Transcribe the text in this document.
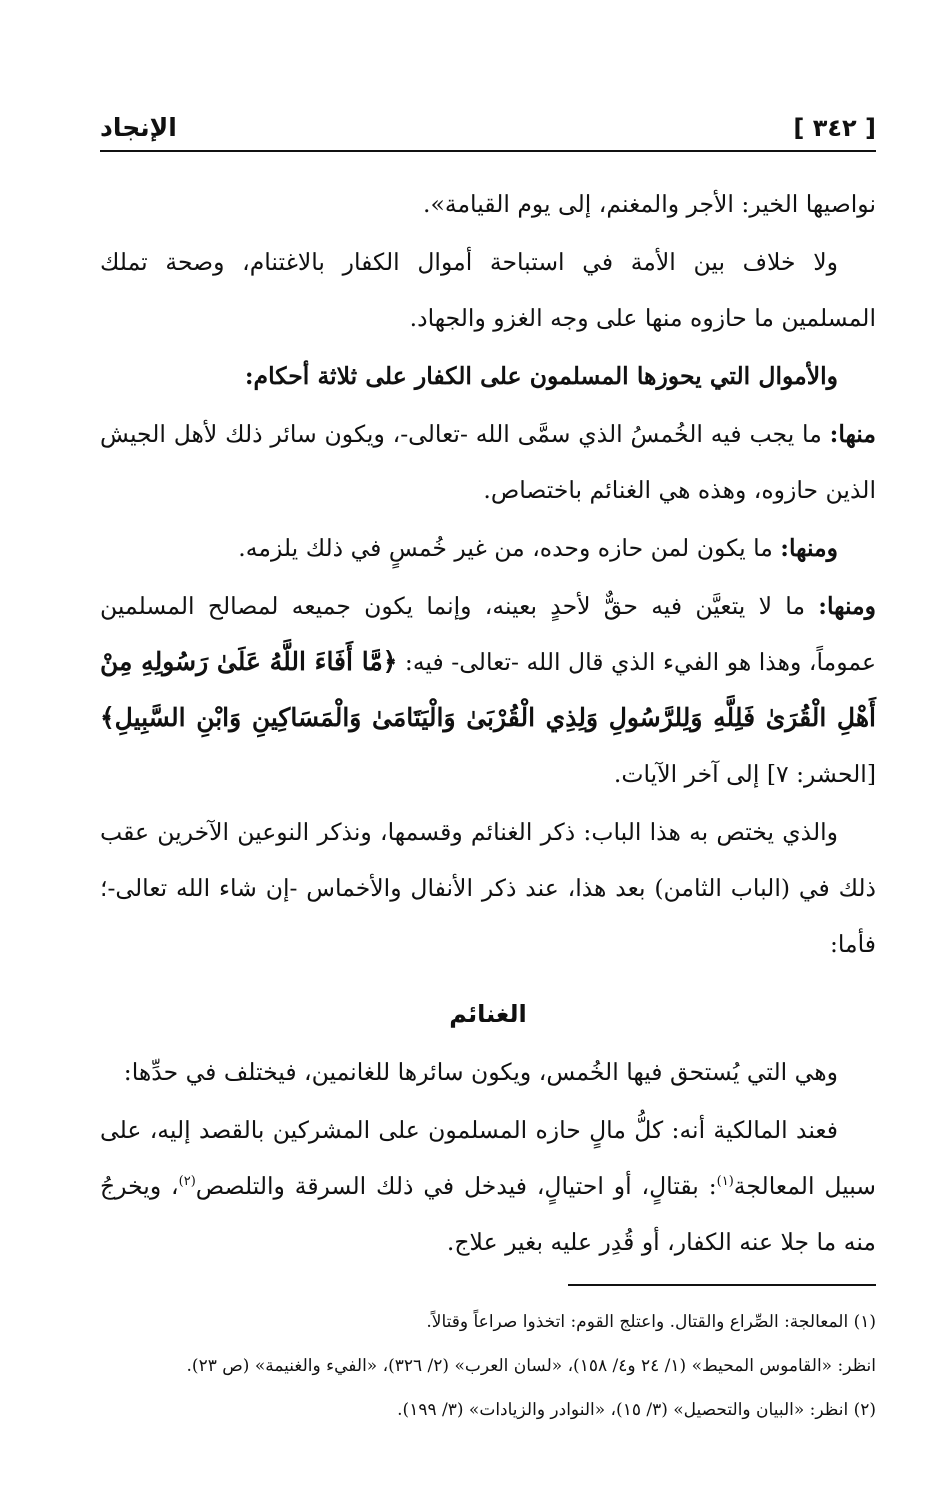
[ ٣٤٢ ]
الإنجاد

نواصيها الخير: الأجر والمغنم، إلى يوم القيامة».

ولا خلاف بين الأمة في استباحة أموال الكفار بالاغتنام، وصحة تملك المسلمين ما حازوه منها على وجه الغزو والجهاد.

والأموال التي يحوزها المسلمون على الكفار على ثلاثة أحكام:

منها: ما يجب فيه الخُمسُ الذي سمَّى الله -تعالى-، ويكون سائر ذلك لأهل الجيش الذين حازوه، وهذه هي الغنائم باختصاص.

ومنها: ما يكون لمن حازه وحده، من غير خُمسٍ في ذلك يلزمه.

ومنها: ما لا يتعيَّن فيه حقٌّ لأحدٍ بعينه، وإنما يكون جميعه لمصالح المسلمين عموماً، وهذا هو الفيء الذي قال الله -تعالى- فيه: ﴿مَّا أَفَاءَ اللَّهُ عَلَىٰ رَسُولِهِ مِنْ أَهْلِ الْقُرَىٰ فَلِلَّهِ وَلِلرَّسُولِ وَلِذِي الْقُرْبَىٰ وَالْيَتَامَىٰ وَالْمَسَاكِينِ وَابْنِ السَّبِيلِ﴾ [الحشر: ٧] إلى آخر الآيات.

والذي يختص به هذا الباب: ذكر الغنائم وقسمها، ونذكر النوعين الآخرين عقب ذلك في (الباب الثامن) بعد هذا، عند ذكر الأنفال والأخماس -إن شاء الله تعالى-؛ فأما:

الغنائم

وهي التي يُستحق فيها الخُمس، ويكون سائرها للغانمين، فيختلف في حدِّها:

فعند المالكية أنه: كلُّ مالٍ حازه المسلمون على المشركين بالقصد إليه، على سبيل المعالجة$^{(١)}$: بقتالٍ، أو احتيالٍ، فيدخل في ذلك السرقة والتلصص$^{(٢)}$، ويخرجُ منه ما جلا عنه الكفار، أو قُدِر عليه بغير علاج.

(١) المعالجة: الصِّراع والقتال. واعتلج القوم: اتخذوا صراعاً وقتالاً.

انظر: «القاموس المحيط» (١/ ٢٤ و٤/ ١٥٨)، «لسان العرب» (٢/ ٣٢٦)، «الفيء والغنيمة» (ص ٢٣).

(٢) انظر: «البيان والتحصيل» (٣/ ١٥)، «النوادر والزيادات» (٣/ ١٩٩).
